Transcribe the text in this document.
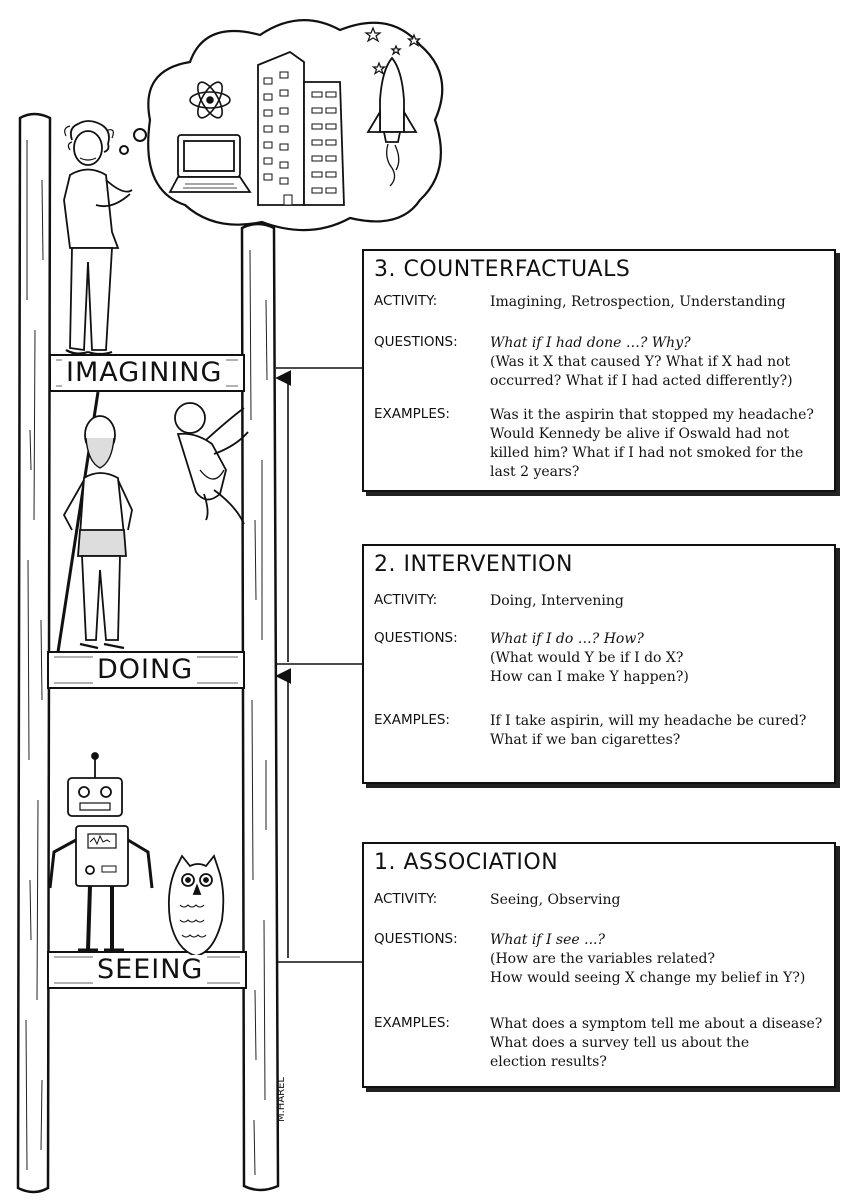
IMAGINING
DOING
SEEING
3. COUNTERFACTUALS
ACTIVITY:	Imagining, Retrospection, Understanding
QUESTIONS: What if I had done …? Why?
(Was it X that caused Y? What if X had not
occurred? What if I had acted differently?)
EXAMPLES:	Was it the aspirin that stopped my headache?
Would Kennedy be alive if Oswald had not
killed him? What if I had not smoked for the
last 2 years?
2. INTERVENTION
ACTIVITY:	Doing, Intervening
QUESTIONS: What if I do …? How?
(What would Y be if I do X?
How can I make Y happen?)
EXAMPLES:	If I take aspirin, will my headache be cured?
What if we ban cigarettes?
1. ASSOCIATION
ACTIVITY:	Seeing, Observing
QUESTIONS: What if I see ...?
(How are the variables related?
How would seeing X change my belief in Y?)
EXAMPLES:	What does a symptom tell me about a disease?
What does a survey tell us about the
election results?
M.HAREL
